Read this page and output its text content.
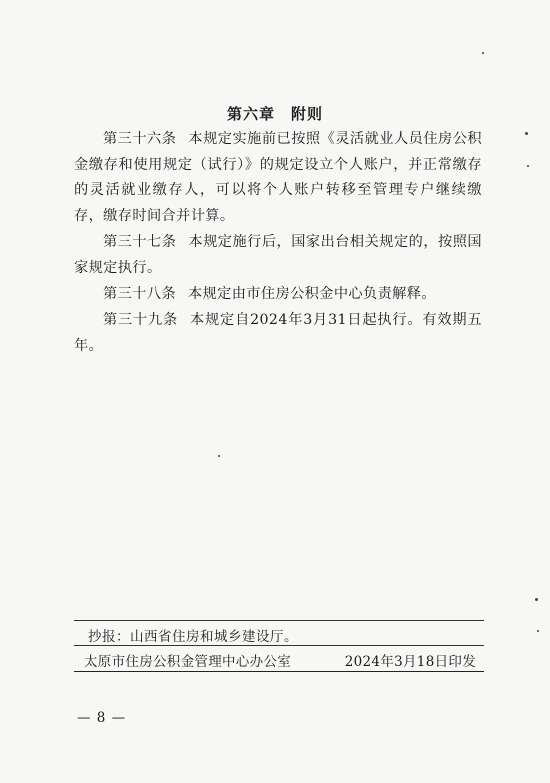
第六章　附则

第三十六条 本规定实施前已按照《灵活就业人员住房公积金缴存和使用规定（试行）》的规定设立个人账户，并正常缴存的灵活就业缴存人，可以将个人账户转移至管理专户继续缴存，缴存时间合并计算。

第三十七条 本规定施行后，国家出台相关规定的，按照国家规定执行。

第三十八条 本规定由市住房公积金中心负责解释。

第三十九条 本规定自2024年3月31日起执行。有效期五年。

抄报：山西省住房和城乡建设厅。
太原市住房公积金管理中心办公室	2024年3月18日印发
— 8 —
